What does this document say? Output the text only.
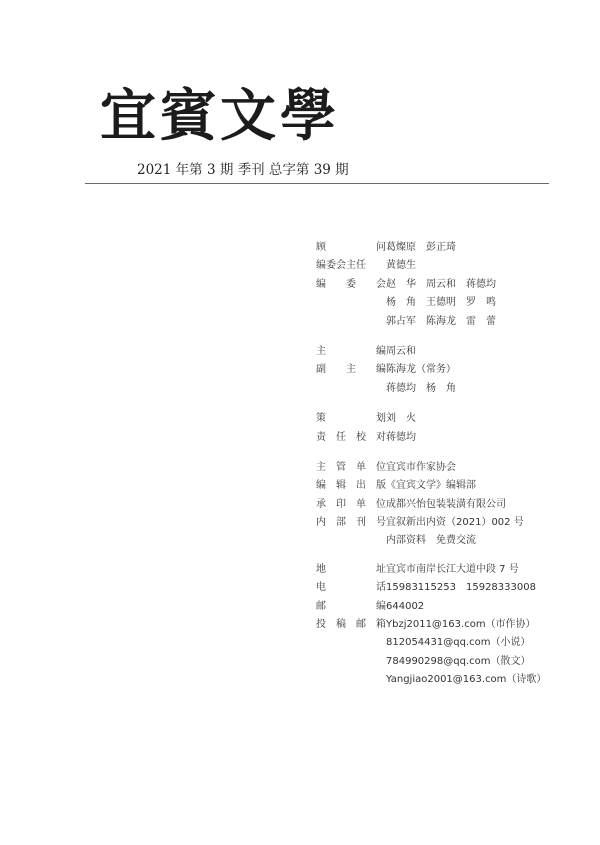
宜賓文學
2021 年第 3 期 季刊 总字第 39 期
顾	问 葛燦原　彭正琦
编 委 会 主 任 黄德生
编 委 会 赵　华　周云和　蒋德均
杨　角　王德明　罗　鸣
郭占军　陈海龙　雷　蕾
主	编 周云和
副 主 编 陈海龙（常务）
蒋德均　杨　角
策	划 刘　火
责 任 校 对 蒋德均
主 管 单 位 宜宾市作家协会
编 辑 出 版 《宜宾文学》编辑部
承 印 单 位 成都兴怡包装装潢有限公司
内 部 刊 号 宜叙新出内资（2021）002 号
内部资料　免费交流
地	址 宜宾市南岸长江大道中段 7 号
电	话 15983115253　15928333008
邮	编 644002
投 稿 邮 箱 Ybzj2011@163.com（市作协）
812054431@qq.com（小说）
784990298@qq.com（散文）
Yangjiao2001@163.com（诗歌）
